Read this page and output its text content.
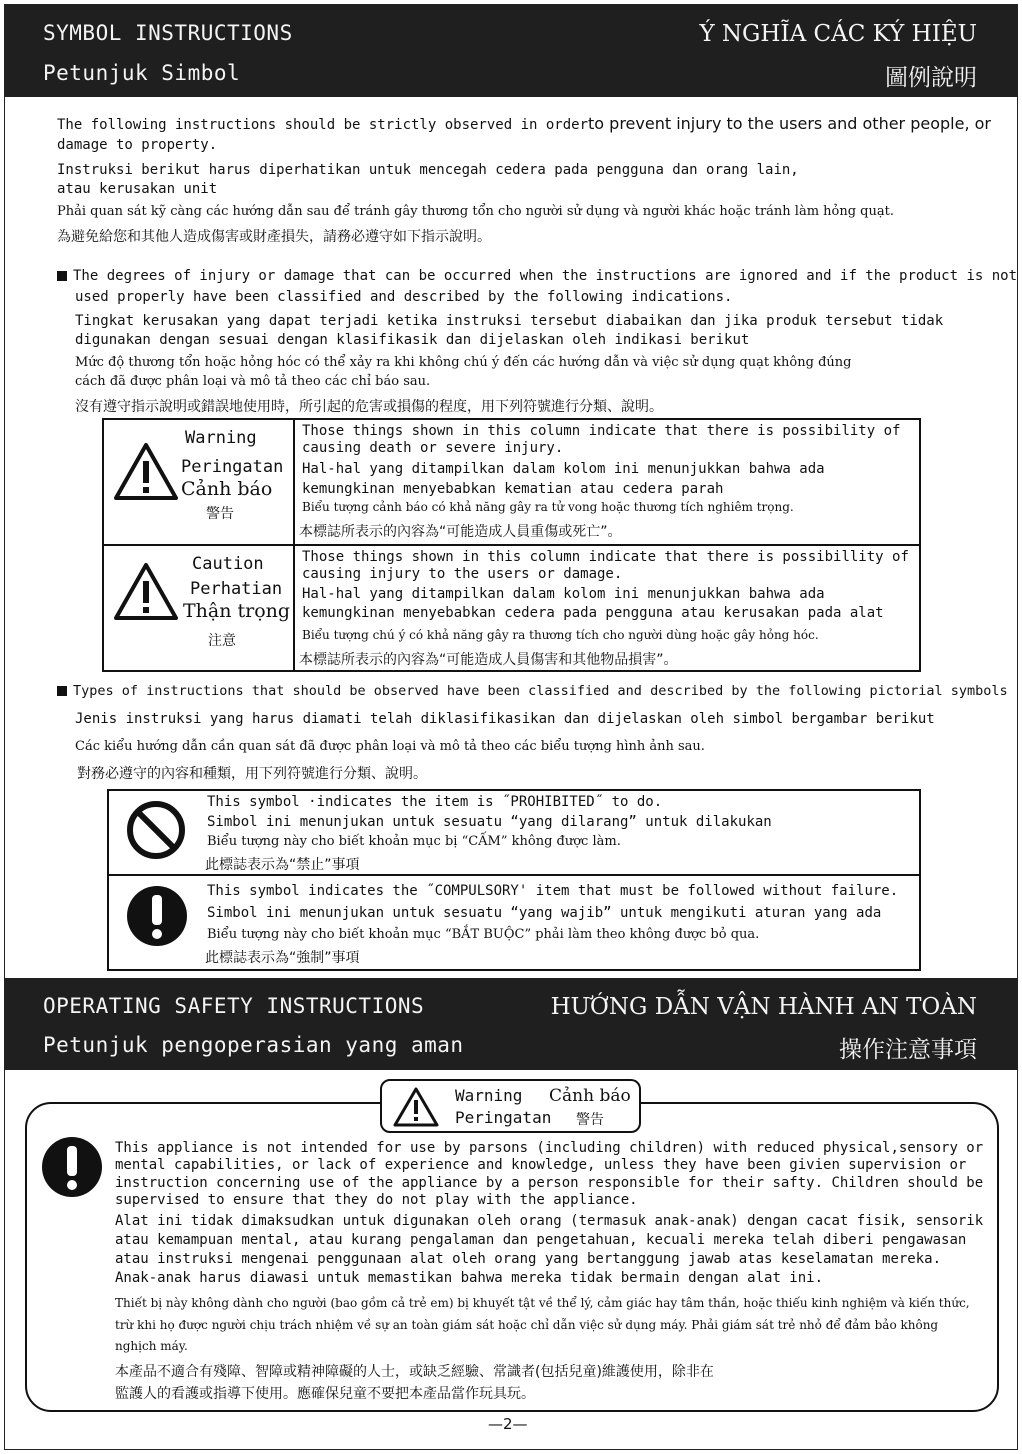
SYMBOL INSTRUCTIONS
Petunjuk Simbol
Ý NGHĨA CÁC KÝ HIỆU
圖例說明
The following instructions should be strictly observed in orderto prevent injury to the users and other people, or
damage to property.
Instruksi berikut harus diperhatikan untuk mencegah cedera pada pengguna dan orang lain,
atau kerusakan unit
Phải quan sát kỹ càng các hướng dẫn sau để tránh gây thương tổn cho người sử dụng và người khác hoặc tránh làm hỏng quạt.
為避免給您和其他人造成傷害或財產損失，請務必遵守如下指示說明。
The degrees of injury or damage that can be occurred when the instructions are ignored and if the product is not
used properly have been classified and described by the following indications.
Tingkat kerusakan yang dapat terjadi ketika instruksi tersebut diabaikan dan jika produk tersebut tidak
digunakan dengan sesuai dengan klasifikasik dan dijelaskan oleh indikasi berikut
Mức độ thương tổn hoặc hỏng hóc có thể xảy ra khi không chú ý đến các hướng dẫn và việc sử dụng quạt không đúng
cách đã được phân loại và mô tả theo các chỉ báo sau.
沒有遵守指示說明或錯誤地使用時，所引起的危害或損傷的程度，用下列符號進行分類、說明。
Warning
Peringatan
Cảnh báo
警告
Those things shown in this column indicate that there is possibility of
causing death or severe injury.
Hal-hal yang ditampilkan dalam kolom ini menunjukkan bahwa ada
kemungkinan menyebabkan kematian atau cedera parah
Biểu tượng cảnh báo có khả năng gây ra tử vong hoặc thương tích nghiêm trọng.
本標誌所表示的內容為“可能造成人員重傷或死亡”。
Caution
Perhatian
Thận trọng
注意
Those things shown in this column indicate that there is possibillity of
causing injury to the users or damage.
Hal-hal yang ditampilkan dalam kolom ini menunjukkan bahwa ada
kemungkinan menyebabkan cedera pada pengguna atau kerusakan pada alat
Biểu tượng chú ý có khả năng gây ra thương tích cho người dùng hoặc gây hỏng hóc.
本標誌所表示的內容為“可能造成人員傷害和其他物品損害”。
Types of instructions that should be observed have been classified and described by the following pictorial symbols
Jenis instruksi yang harus diamati telah diklasifikasikan dan dijelaskan oleh simbol bergambar berikut
Các kiểu hướng dẫn cần quan sát đã được phân loại và mô tả theo các biểu tượng hình ảnh sau.
對務必遵守的內容和種類，用下列符號進行分類、說明。
This symbol ·indicates the item is ˝PROHIBITED˝ to do.
Simbol ini menunjukan untuk sesuatu “yang dilarang” untuk dilakukan
Biểu tượng này cho biết khoản mục bị “CẤM” không được làm.
此標誌表示為“禁止”事項
This symbol indicates the ˝COMPULSORY' item that must be followed without failure.
Simbol ini menunjukan untuk sesuatu “yang wajib” untuk mengikuti aturan yang ada
Biểu tượng này cho biết khoản mục “BẮT BUỘC” phải làm theo không được bỏ qua.
此標誌表示為“強制”事項
OPERATING SAFETY INSTRUCTIONS
Petunjuk pengoperasian yang aman
HƯỚNG DẪN VẬN HÀNH AN TOÀN
操作注意事項
Warning
Peringatan
Cảnh báo
警告
This appliance is not intended for use by parsons (including children) with reduced physical,sensory or
mental capabilities, or lack of experience and knowledge, unless they have been givien supervision or
instruction concerning use of the appliance by a person responsible for their safty. Children should be
supervised to ensure that they do not play with the appliance.
Alat ini tidak dimaksudkan untuk digunakan oleh orang (termasuk anak-anak) dengan cacat fisik, sensorik
atau kemampuan mental, atau kurang pengalaman dan pengetahuan, kecuali mereka telah diberi pengawasan
atau instruksi mengenai penggunaan alat oleh orang yang bertanggung jawab atas keselamatan mereka.
Anak-anak harus diawasi untuk memastikan bahwa mereka tidak bermain dengan alat ini.
Thiết bị này không dành cho người (bao gồm cả trẻ em) bị khuyết tật về thể lý, cảm giác hay tâm thần, hoặc thiếu kinh nghiệm và kiến thức,
trừ khi họ được người chịu trách nhiệm về sự an toàn giám sát hoặc chỉ dẫn việc sử dụng máy. Phải giám sát trẻ nhỏ để đảm bảo không
nghịch máy.
本產品不適合有殘障、智障或精神障礙的人士，或缺乏經驗、常識者(包括兒童)維護使用，除非在
監護人的看護或指導下使用。應確保兒童不要把本產品當作玩具玩。
—2—
